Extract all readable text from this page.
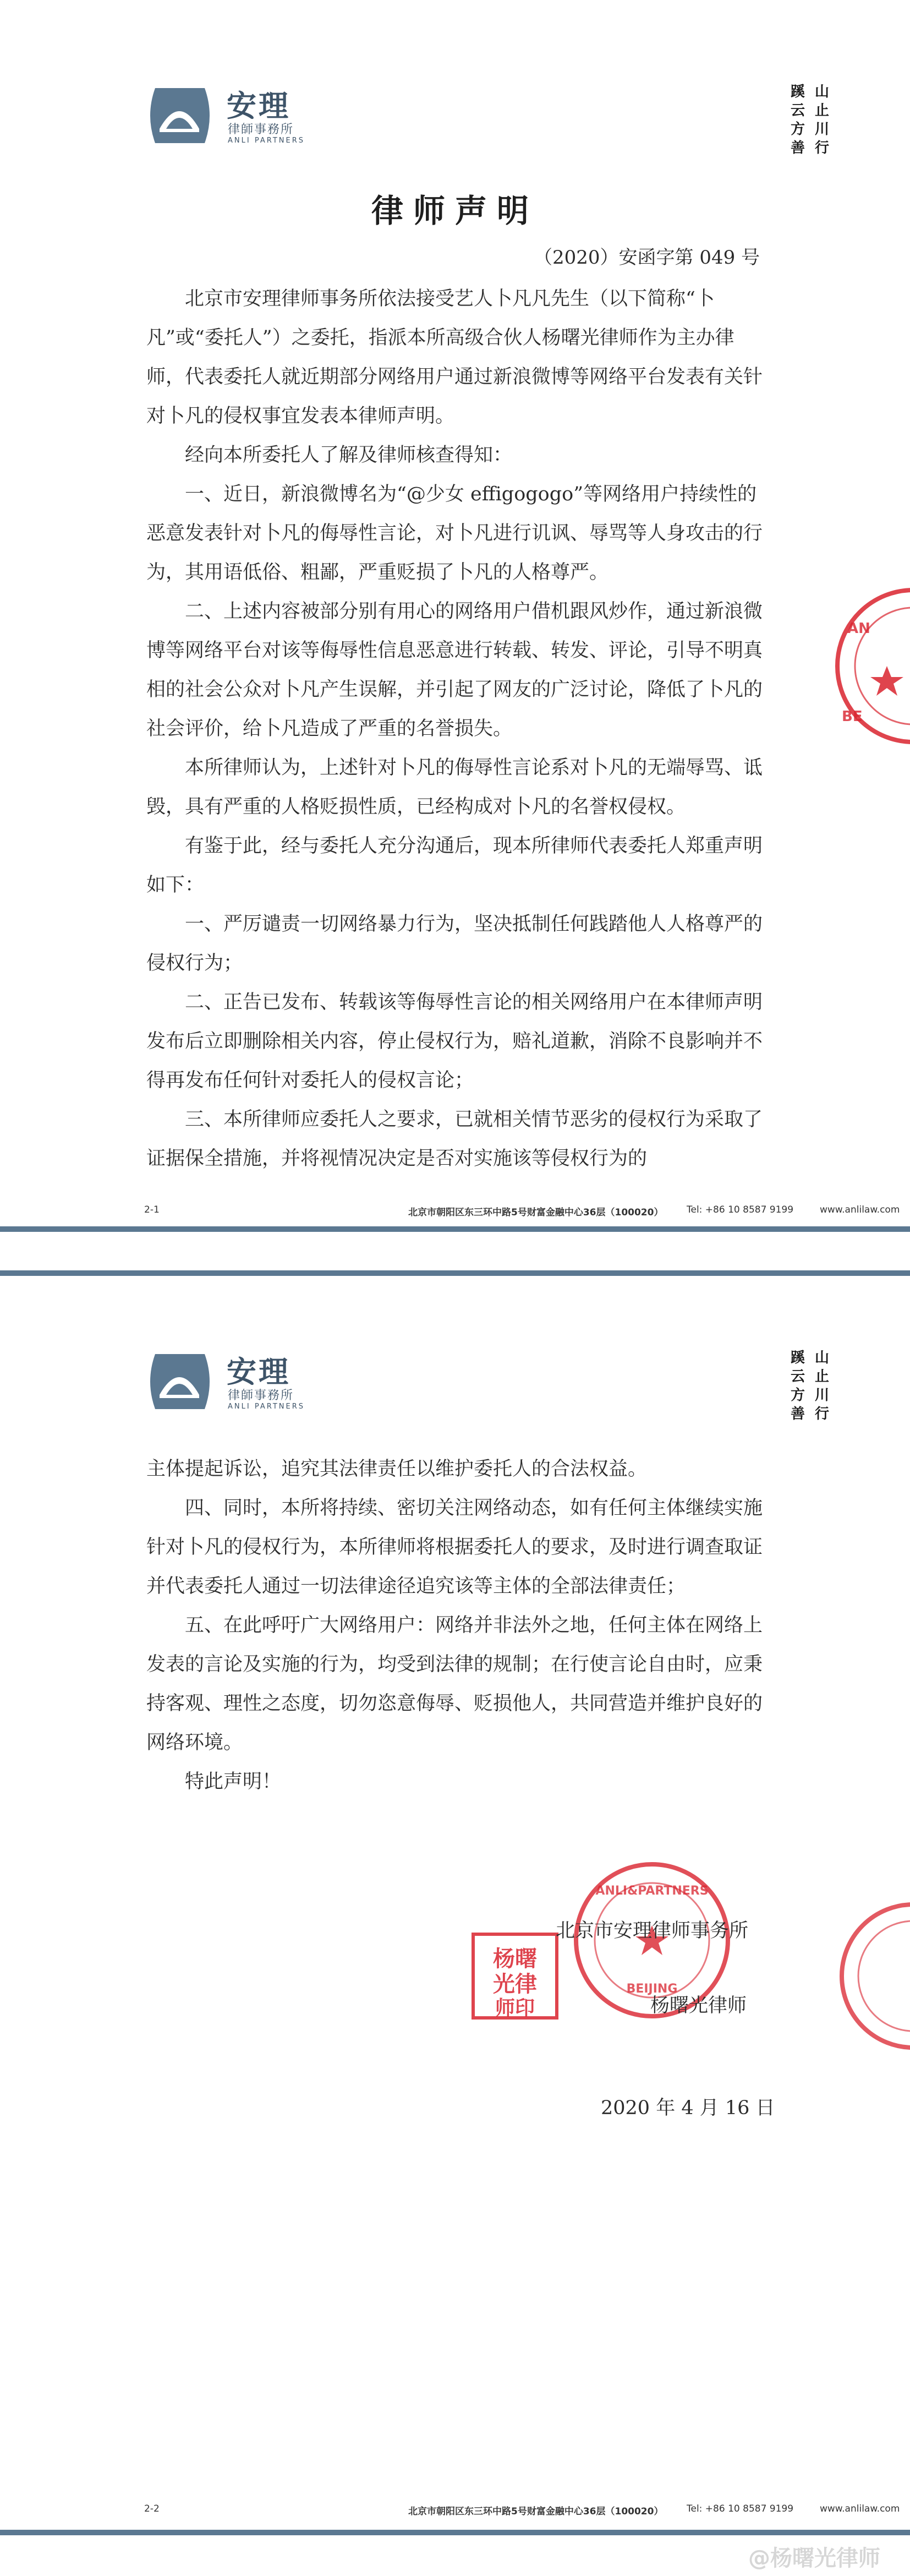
安理
律師事務所
ANLI PARTNERS
蹊
云
方
善
山
止
川
行
律师声明
（2020）安函字第 049 号

北京市安理律师事务所依法接受艺人卜凡凡先生（以下简称“卜凡”或“委托人”）之委托，指派本所高级合伙人杨曙光律师作为主办律师，代表委托人就近期部分网络用户通过新浪微博等网络平台发表有关针对卜凡的侵权事宜发表本律师声明。

经向本所委托人了解及律师核查得知：

一、近日，新浪微博名为“@少女 effigogogo”等网络用户持续性的恶意发表针对卜凡的侮辱性言论，对卜凡进行讥讽、辱骂等人身攻击的行为，其用语低俗、粗鄙，严重贬损了卜凡的人格尊严。

二、上述内容被部分别有用心的网络用户借机跟风炒作，通过新浪微博等网络平台对该等侮辱性信息恶意进行转载、转发、评论，引导不明真相的社会公众对卜凡产生误解，并引起了网友的广泛讨论，降低了卜凡的社会评价，给卜凡造成了严重的名誉损失。

本所律师认为，上述针对卜凡的侮辱性言论系对卜凡的无端辱骂、诋毁，具有严重的人格贬损性质，已经构成对卜凡的名誉权侵权。

有鉴于此，经与委托人充分沟通后，现本所律师代表委托人郑重声明如下：

一、严厉谴责一切网络暴力行为，坚决抵制任何践踏他人人格尊严的侵权行为；

二、正告已发布、转载该等侮辱性言论的相关网络用户在本律师声明发布后立即删除相关内容，停止侵权行为，赔礼道歉，消除不良影响并不得再发布任何针对委托人的侵权言论；

三、本所律师应委托人之要求，已就相关情节恶劣的侵权行为采取了证据保全措施，并将视情况决定是否对实施该等侵权行为的

AN
BE
2-1	北京市朝阳区东三环中路5号财富金融中心36层（100020）	Tel: +86 10 8587 9199	www.anlilaw.com
安理
律師事務所
ANLI PARTNERS
蹊
云
方
善
山
止
川
行

主体提起诉讼，追究其法律责任以维护委托人的合法权益。

四、同时，本所将持续、密切关注网络动态，如有任何主体继续实施针对卜凡的侵权行为，本所律师将根据委托人的要求，及时进行调查取证并代表委托人通过一切法律途径追究该等主体的全部法律责任；

五、在此呼吁广大网络用户：网络并非法外之地，任何主体在网络上发表的言论及实施的行为，均受到法律的规制；在行使言论自由时，应秉持客观、理性之态度，切勿恣意侮辱、贬损他人，共同营造并维护良好的网络环境。

特此声明！

杨曙
光律
师印
ANLI&PARTNERS
BEIJING
北京市安理律师事务所
杨曙光律师
2020 年 4 月 16 日
2-2	北京市朝阳区东三环中路5号财富金融中心36层（100020）	Tel: +86 10 8587 9199	www.anlilaw.com
@杨曙光律师
